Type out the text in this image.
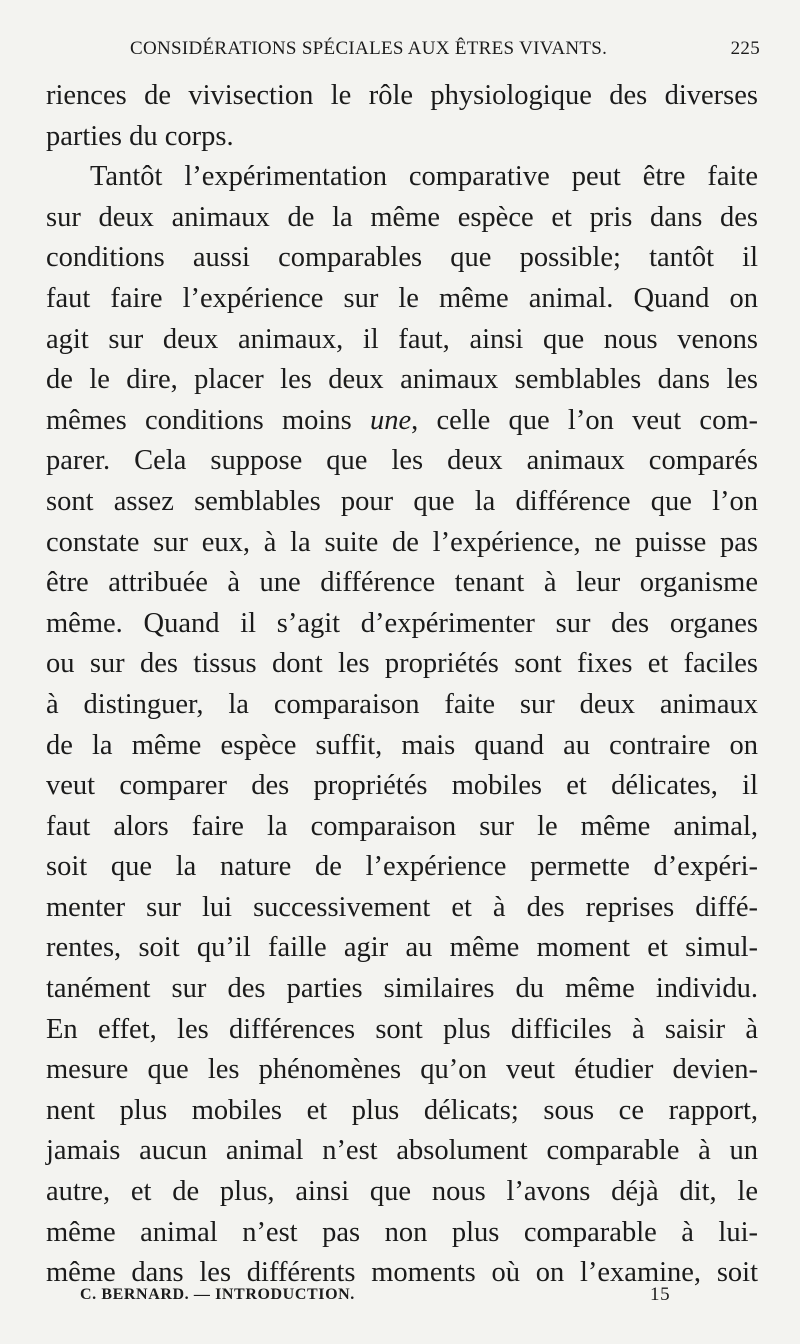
CONSIDÉRATIONS SPÉCIALES AUX ÊTRES VIVANTS.	225
riences de vivisection le rôle physiologique des diverses
parties du corps.
Tantôt l’expérimentation comparative peut être faite
sur deux animaux de la même espèce et pris dans des
conditions aussi comparables que possible; tantôt il
faut faire l’expérience sur le même animal. Quand on
agit sur deux animaux, il faut, ainsi que nous venons
de le dire, placer les deux animaux semblables dans les
mêmes conditions moins une, celle que l’on veut com-
parer. Cela suppose que les deux animaux comparés
sont assez semblables pour que la différence que l’on
constate sur eux, à la suite de l’expérience, ne puisse pas
être attribuée à une différence tenant à leur organisme
même. Quand il s’agit d’expérimenter sur des organes
ou sur des tissus dont les propriétés sont fixes et faciles
à distinguer, la comparaison faite sur deux animaux
de la même espèce suffit, mais quand au contraire on
veut comparer des propriétés mobiles et délicates, il
faut alors faire la comparaison sur le même animal,
soit que la nature de l’expérience permette d’expéri-
menter sur lui successivement et à des reprises diffé-
rentes, soit qu’il faille agir au même moment et simul-
tanément sur des parties similaires du même individu.
En effet, les différences sont plus difficiles à saisir à
mesure que les phénomènes qu’on veut étudier devien-
nent plus mobiles et plus délicats; sous ce rapport,
jamais aucun animal n’est absolument comparable à un
autre, et de plus, ainsi que nous l’avons déjà dit, le
même animal n’est pas non plus comparable à lui-
même dans les différents moments où on l’examine, soit
C. BERNARD. — INTRODUCTION.	15
